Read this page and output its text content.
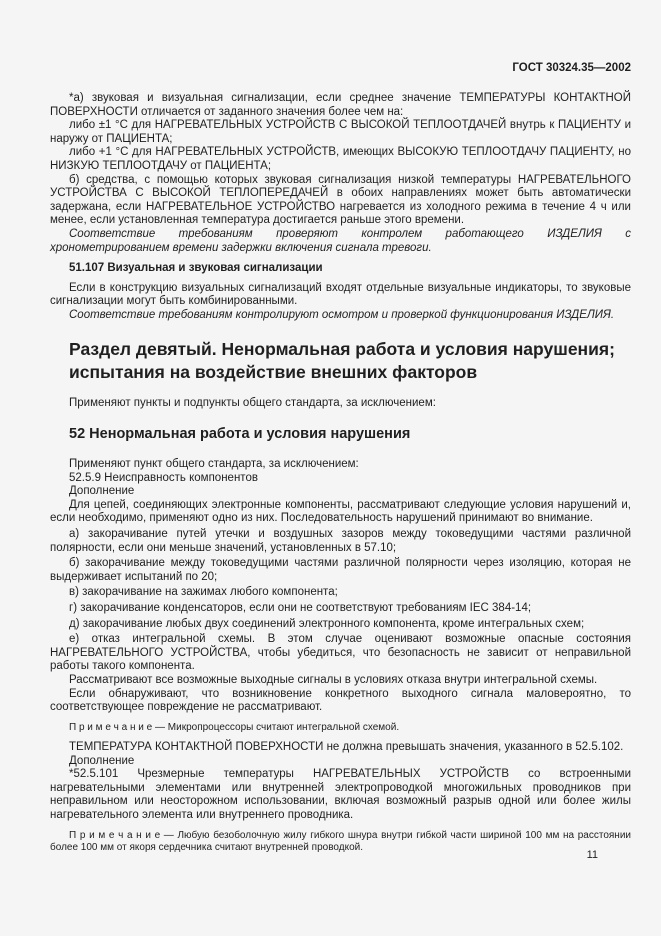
ГОСТ 30324.35—2002

*а) звуковая и визуальная сигнализации, если среднее значение ТЕМПЕРАТУРЫ КОНТАКТНОЙ ПОВЕРХНОСТИ отличается от заданного значения более чем на:

либо ±1 °С для НАГРЕВАТЕЛЬНЫХ УСТРОЙСТВ С ВЫСОКОЙ ТЕПЛООТДАЧЕЙ внутрь к ПАЦИЕНТУ и наружу от ПАЦИЕНТА;

либо +1 °С для НАГРЕВАТЕЛЬНЫХ УСТРОЙСТВ, имеющих ВЫСОКУЮ ТЕПЛООТДАЧУ ПАЦИЕНТУ, но НИЗКУЮ ТЕПЛООТДАЧУ от ПАЦИЕНТА;

б) средства, с помощью которых звуковая сигнализация низкой температуры НАГРЕВАТЕЛЬНОГО УСТРОЙСТВА С ВЫСОКОЙ ТЕПЛОПЕРЕДАЧЕЙ в обоих направлениях может быть автоматически задержана, если НАГРЕВАТЕЛЬНОЕ УСТРОЙСТВО нагревается из холодного режима в течение 4 ч или менее, если установленная температура достигается раньше этого времени.

Соответствие требованиям проверяют контролем работающего ИЗДЕЛИЯ с хронометрированием времени задержки включения сигнала тревоги.

51.107 Визуальная и звуковая сигнализации

Если в конструкцию визуальных сигнализаций входят отдельные визуальные индикаторы, то звуковые сигнализации могут быть комбинированными.

Соответствие требованиям контролируют осмотром и проверкой функционирования ИЗДЕЛИЯ.

Раздел девятый. Ненормальная работа и условия нарушения; испытания на воздействие внешних факторов

Применяют пункты и подпункты общего стандарта, за исключением:

52 Ненормальная работа и условия нарушения

Применяют пункт общего стандарта, за исключением:

52.5.9 Неисправность компонентов

Дополнение

Для цепей, соединяющих электронные компоненты, рассматривают следующие условия нарушений и, если необходимо, применяют одно из них. Последовательность нарушений принимают во внимание.

а) закорачивание путей утечки и воздушных зазоров между токоведущими частями различной полярности, если они меньше значений, установленных в 57.10;

б) закорачивание между токоведущими частями различной полярности через изоляцию, которая не выдерживает испытаний по 20;

в) закорачивание на зажимах любого компонента;

г) закорачивание конденсаторов, если они не соответствуют требованиям IEC 384-14;

д) закорачивание любых двух соединений электронного компонента, кроме интегральных схем;

е) отказ интегральной схемы. В этом случае оценивают возможные опасные состояния НАГРЕВАТЕЛЬНОГО УСТРОЙСТВА, чтобы убедиться, что безопасность не зависит от неправильной работы такого компонента.

Рассматривают все возможные выходные сигналы в условиях отказа внутри интегральной схемы.

Если обнаруживают, что возникновение конкретного выходного сигнала маловероятно, то соответствующее повреждение не рассматривают.

П р и м е ч а н и е — Микропроцессоры считают интегральной схемой.

ТЕМПЕРАТУРА КОНТАКТНОЙ ПОВЕРХНОСТИ не должна превышать значения, указанного в 52.5.102.

Дополнение

*52.5.101 Чрезмерные температуры НАГРЕВАТЕЛЬНЫХ УСТРОЙСТВ со встроенными нагревательными элементами или внутренней электропроводкой многожильных проводников при неправильном или неосторожном использовании, включая возможный разрыв одной или более жилы нагревательного элемента или внутреннего проводника.

П р и м е ч а н и е — Любую безоболочную жилу гибкого шнура внутри гибкой части шириной 100 мм на расстоянии более 100 мм от якоря сердечника считают внутренней проводкой.

11
